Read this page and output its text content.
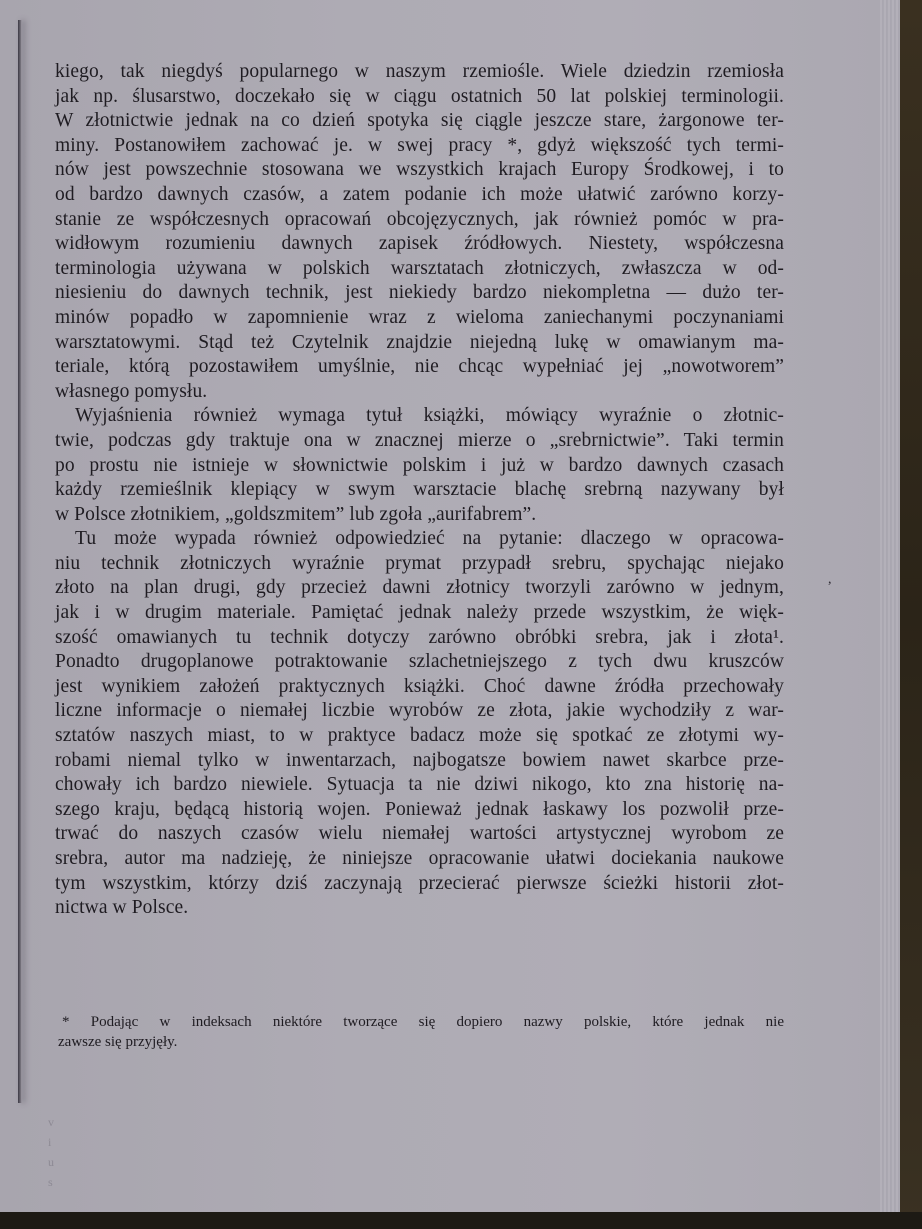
kiego, tak niegdyś popularnego w naszym rzemiośle. Wiele dziedzin rzemiosła
jak np. ślusarstwo, doczekało się w ciągu ostatnich 50 lat polskiej terminologii.
W złotnictwie jednak na co dzień spotyka się ciągle jeszcze stare, żargonowe ter-
miny. Postanowiłem zachować je. w swej pracy *, gdyż większość tych termi-
nów jest powszechnie stosowana we wszystkich krajach Europy Środkowej, i to
od bardzo dawnych czasów, a zatem podanie ich może ułatwić zarówno korzy-
stanie ze współczesnych opracowań obcojęzycznych, jak również pomóc w pra-
widłowym rozumieniu dawnych zapisek źródłowych. Niestety, współczesna
terminologia używana w polskich warsztatach złotniczych, zwłaszcza w od-
niesieniu do dawnych technik, jest niekiedy bardzo niekompletna — dużo ter-
minów popadło w zapomnienie wraz z wieloma zaniechanymi poczynaniami
warsztatowymi. Stąd też Czytelnik znajdzie niejedną lukę w omawianym ma-
teriale, którą pozostawiłem umyślnie, nie chcąc wypełniać jej „nowotworem”
własnego pomysłu.
Wyjaśnienia również wymaga tytuł książki, mówiący wyraźnie o złotnic-
twie, podczas gdy traktuje ona w znacznej mierze o „srebrnictwie”. Taki termin
po prostu nie istnieje w słownictwie polskim i już w bardzo dawnych czasach
każdy rzemieślnik klepiący w swym warsztacie blachę srebrną nazywany był
w Polsce złotnikiem, „goldszmitem” lub zgoła „aurifabrem”.
Tu może wypada również odpowiedzieć na pytanie: dlaczego w opracowa-
niu technik złotniczych wyraźnie prymat przypadł srebru, spychając niejako
złoto na plan drugi, gdy przecież dawni złotnicy tworzyli zarówno w jednym,
jak i w drugim materiale. Pamiętać jednak należy przede wszystkim, że więk-
szość omawianych tu technik dotyczy zarówno obróbki srebra, jak i złota¹.
Ponadto drugoplanowe potraktowanie szlachetniejszego z tych dwu kruszców
jest wynikiem założeń praktycznych książki. Choć dawne źródła przechowały
liczne informacje o niemałej liczbie wyrobów ze złota, jakie wychodziły z war-
sztatów naszych miast, to w praktyce badacz może się spotkać ze złotymi wy-
robami niemal tylko w inwentarzach, najbogatsze bowiem nawet skarbce prze-
chowały ich bardzo niewiele. Sytuacja ta nie dziwi nikogo, kto zna historię na-
szego kraju, będącą historią wojen. Ponieważ jednak łaskawy los pozwolił prze-
trwać do naszych czasów wielu niemałej wartości artystycznej wyrobom ze
srebra, autor ma nadzieję, że niniejsze opracowanie ułatwi dociekania naukowe
tym wszystkim, którzy dziś zaczynają przecierać pierwsze ścieżki historii złot-
nictwa w Polsce.
* Podając w indeksach niektóre tworzące się dopiero nazwy polskie, które jednak nie
zawsze się przyjęły.
,
v
i
u
s
